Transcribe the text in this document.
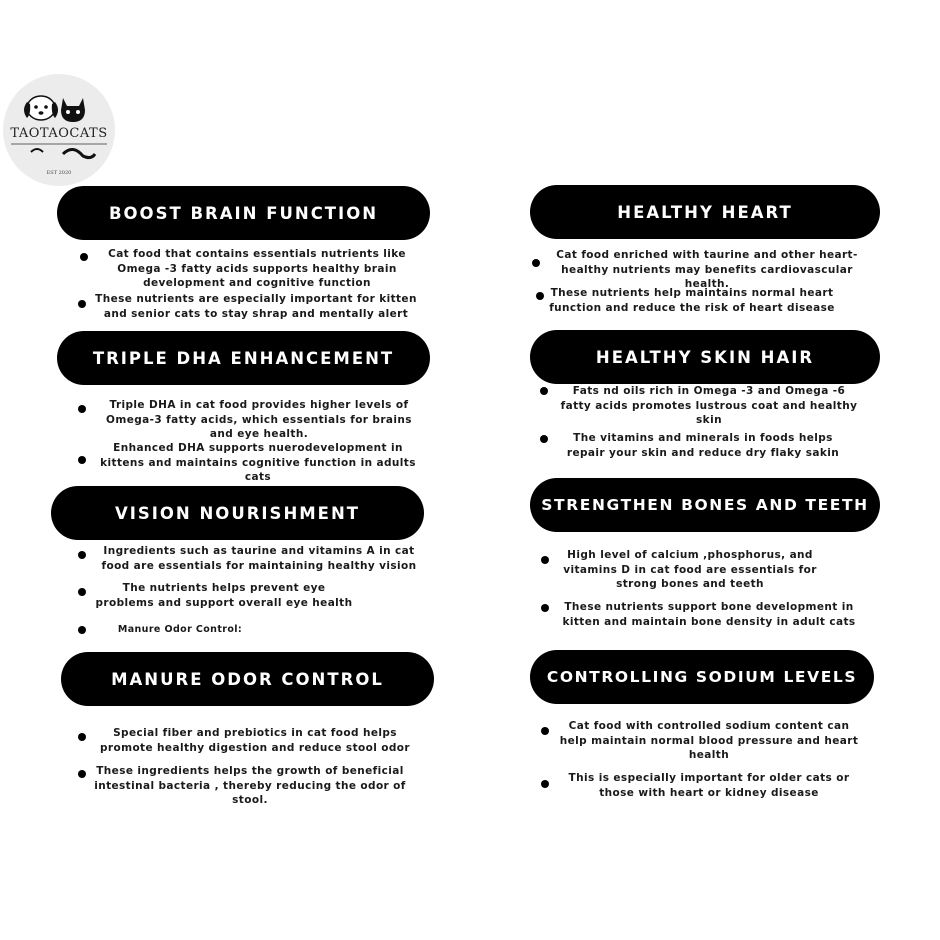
TAOTAOCATS
EST 2020
BOOST BRAIN FUNCTION
Cat food that contains essentials nutrients like Omega -3 fatty acids supports healthy brain development and cognitive function
These nutrients are especially important for kitten and senior cats to stay shrap and mentally alert
TRIPLE DHA ENHANCEMENT
Triple DHA in cat food provides higher levels of Omega-3 fatty acids, which essentials for brains and eye health.
Enhanced DHA supports nuerodevelopment in kittens and maintains cognitive function in adults cats
VISION NOURISHMENT
Ingredients such as taurine and vitamins A in cat food are essentials for maintaining healthy vision
The nutrients helps prevent eye problems and support overall eye health
Manure Odor Control:
MANURE ODOR CONTROL
Special fiber and prebiotics in cat food helps promote healthy digestion and reduce stool odor
These ingredients helps the growth of beneficial intestinal bacteria , thereby reducing the odor of stool.
HEALTHY HEART
Cat food enriched with taurine and other heart-healthy nutrients may benefits cardiovascular health.
These nutrients help maintains normal heart function and reduce the risk of heart disease
HEALTHY SKIN HAIR
Fats nd oils rich in Omega -3 and Omega -6 fatty acids promotes lustrous coat and healthy skin
The vitamins and minerals in foods helps repair your skin and reduce dry flaky sakin
STRENGTHEN BONES AND TEETH
High level of calcium ,phosphorus, and vitamins D in cat food are essentials for strong bones and teeth
These nutrients support bone development in kitten and maintain bone density in adult cats
CONTROLLING SODIUM LEVELS
Cat food with controlled sodium content can help maintain normal blood pressure and heart health
This is especially important for older cats or those with heart or kidney disease
